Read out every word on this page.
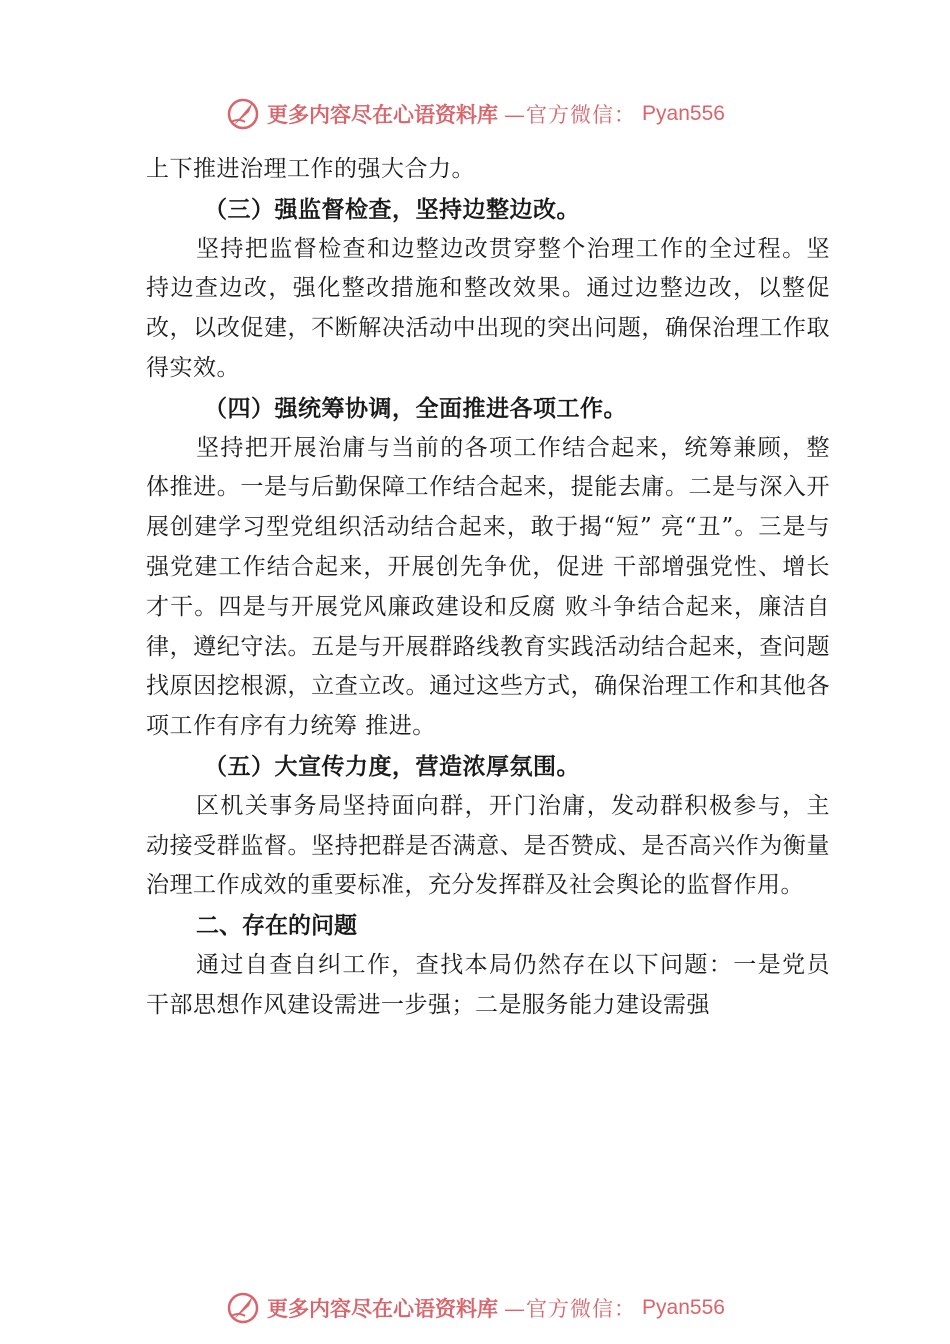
更多内容尽在心语资料库 —官方微信： Pyan556

上下推进治理工作的强大合力。

（三）强监督检查，坚持边整边改。

坚持把监督检查和边整边改贯穿整个治理工作的全过程。坚持边查边改，强化整改措施和整改效果。通过边整边改，以整促改，以改促建，不断解决活动中出现的突出问题，确保治理工作取得实效。

（四）强统筹协调，全面推进各项工作。

坚持把开展治庸与当前的各项工作结合起来，统筹兼顾，整体推进。一是与后勤保障工作结合起来，提能去庸。二是与深入开展创建学习型党组织活动结合起来，敢于揭“短” 亮“丑”。三是与强党建工作结合起来，开展创先争优，促进 干部增强党性、增长才干。四是与开展党风廉政建设和反腐 败斗争结合起来，廉洁自律，遵纪守法。五是与开展群路线教育实践活动结合起来，查问题找原因挖根源，立查立改。通过这些方式，确保治理工作和其他各项工作有序有力统筹 推进。

（五）大宣传力度，营造浓厚氛围。

区机关事务局坚持面向群，开门治庸，发动群积极参与，主动接受群监督。坚持把群是否满意、是否赞成、是否高兴作为衡量治理工作成效的重要标准，充分发挥群及社会舆论的监督作用。

二、存在的问题

通过自查自纠工作，查找本局仍然存在以下问题：一是党员干部思想作风建设需进一步强；二是服务能力建设需强

更多内容尽在心语资料库 —官方微信： Pyan556
